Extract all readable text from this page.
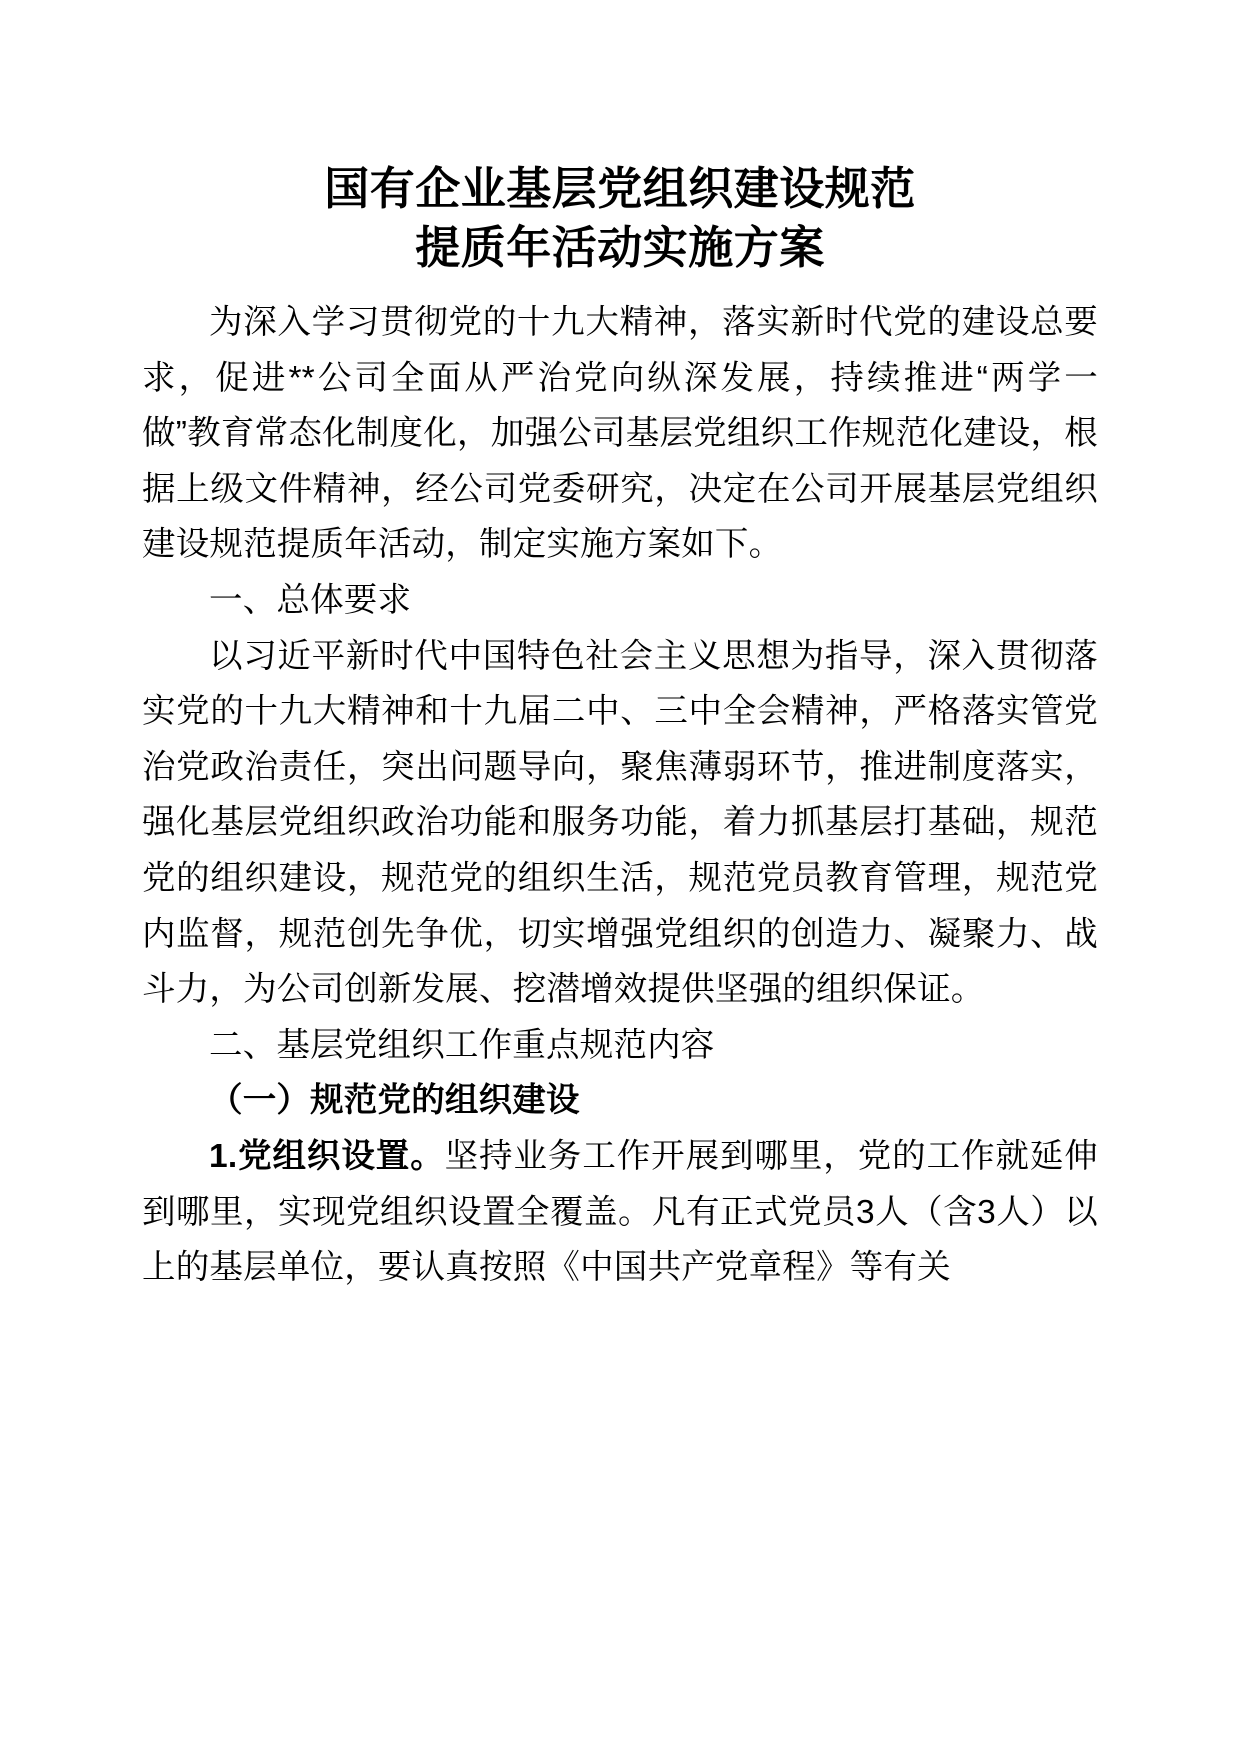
国有企业基层党组织建设规范
提质年活动实施方案

为深入学习贯彻党的十九大精神，落实新时代党的建设总要求，促进**公司全面从严治党向纵深发展，持续推进“两学一做”教育常态化制度化，加强公司基层党组织工作规范化建设，根据上级文件精神，经公司党委研究，决定在公司开展基层党组织建设规范提质年活动，制定实施方案如下。

一、总体要求

以习近平新时代中国特色社会主义思想为指导，深入贯彻落实党的十九大精神和十九届二中、三中全会精神，严格落实管党治党政治责任，突出问题导向，聚焦薄弱环节，推进制度落实，强化基层党组织政治功能和服务功能，着力抓基层打基础，规范党的组织建设，规范党的组织生活，规范党员教育管理，规范党内监督，规范创先争优，切实增强党组织的创造力、凝聚力、战斗力，为公司创新发展、挖潜增效提供坚强的组织保证。

二、基层党组织工作重点规范内容

（一）规范党的组织建设

1.党组织设置。坚持业务工作开展到哪里，党的工作就延伸到哪里，实现党组织设置全覆盖。凡有正式党员3人（含3人）以上的基层单位，要认真按照《中国共产党章程》等有关
